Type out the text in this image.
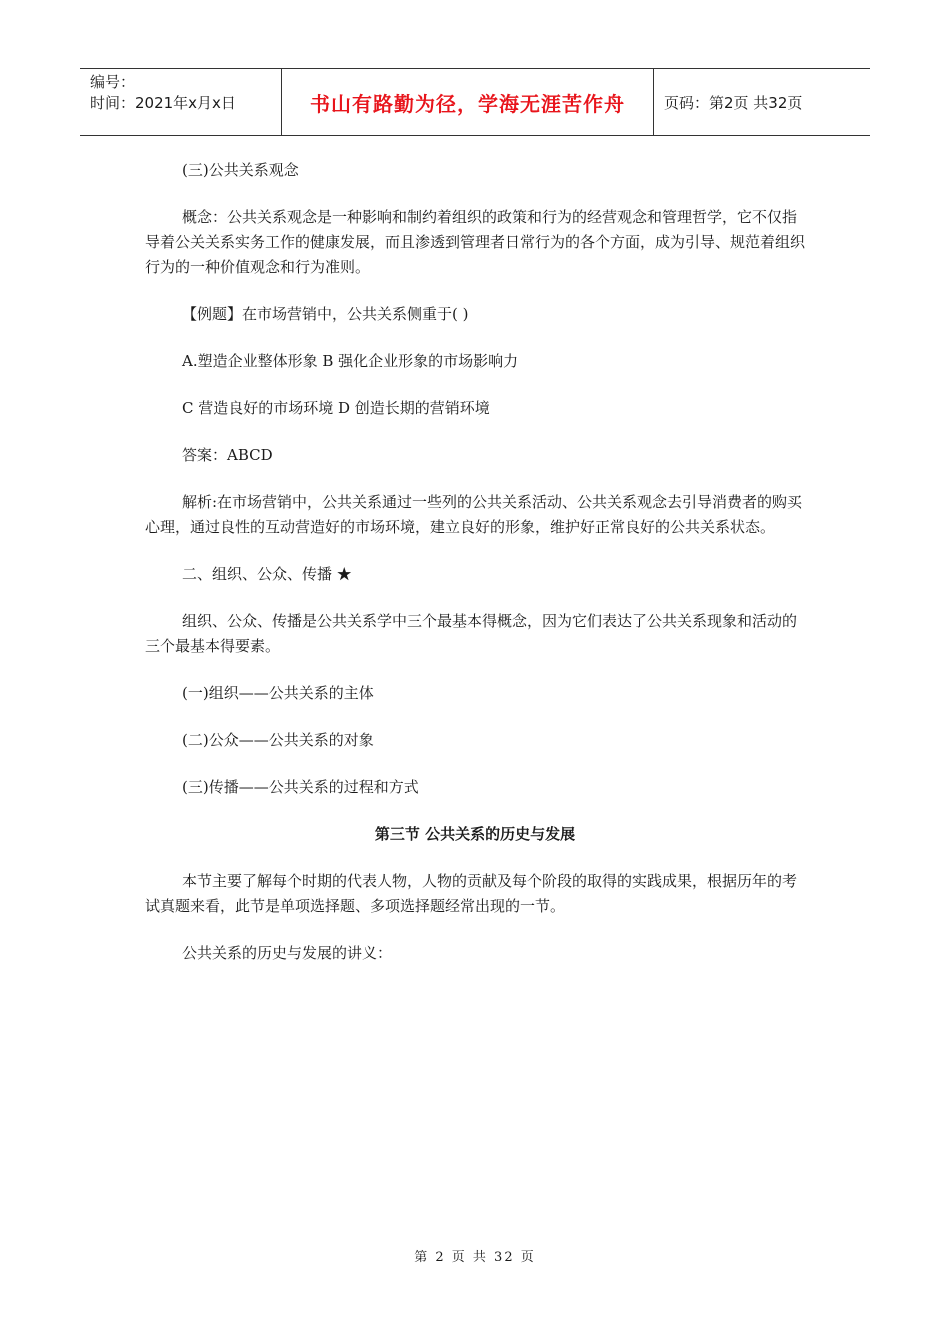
编号：
时间：2021年x月x日	书山有路勤为径，学海无涯苦作舟	页码：第2页 共32页

(三)公共关系观念

概念：公共关系观念是一种影响和制约着组织的政策和行为的经营观念和管理哲学，它不仅指导着公关关系实务工作的健康发展，而且渗透到管理者日常行为的各个方面，成为引导、规范着组织行为的一种价值观念和行为准则。

【例题】在市场营销中，公共关系侧重于( )

A.塑造企业整体形象 B 强化企业形象的市场影响力

C 营造良好的市场环境 D 创造长期的营销环境

答案：ABCD

解析:在市场营销中，公共关系通过一些列的公共关系活动、公共关系观念去引导消费者的购买心理，通过良性的互动营造好的市场环境，建立良好的形象，维护好正常良好的公共关系状态。

二、组织、公众、传播 ★

组织、公众、传播是公共关系学中三个最基本得概念，因为它们表达了公共关系现象和活动的三个最基本得要素。

(一)组织——公共关系的主体

(二)公众——公共关系的对象

(三)传播——公共关系的过程和方式

第三节 公共关系的历史与发展

本节主要了解每个时期的代表人物，人物的贡献及每个阶段的取得的实践成果，根据历年的考试真题来看，此节是单项选择题、多项选择题经常出现的一节。

公共关系的历史与发展的讲义：

第 2 页 共 32 页
